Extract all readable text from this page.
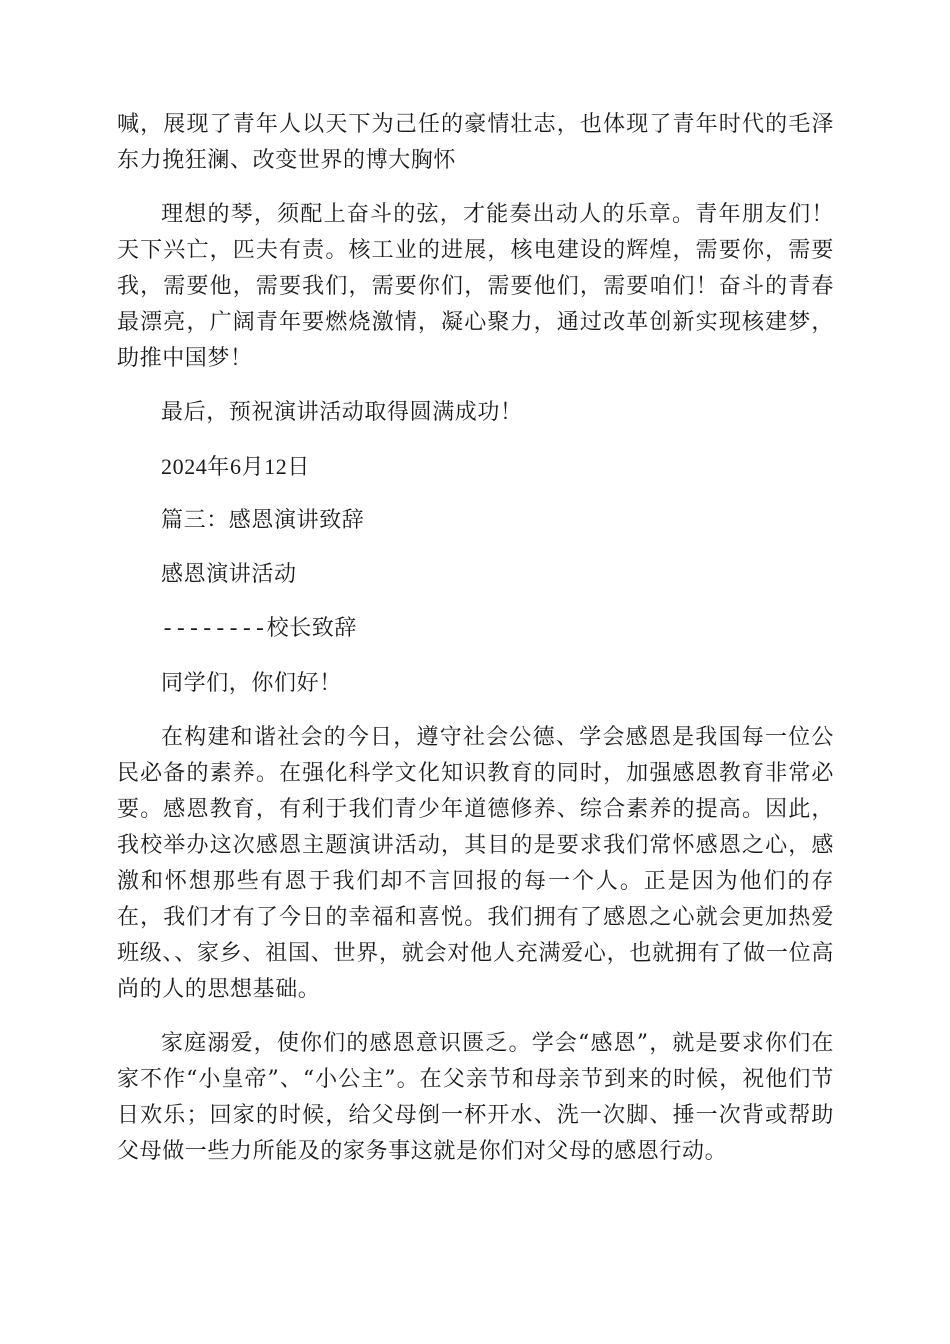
喊，展现了青年人以天下为己任的豪情壮志，也体现了青年时代的毛泽东力挽狂澜、改变世界的博大胸怀

理想的琴，须配上奋斗的弦，才能奏出动人的乐章。青年朋友们！天下兴亡，匹夫有责。核工业的进展，核电建设的辉煌，需要你，需要我，需要他，需要我们，需要你们，需要他们，需要咱们！奋斗的青春最漂亮，广阔青年要燃烧激情，凝心聚力，通过改革创新实现核建梦，助推中国梦！

最后，预祝演讲活动取得圆满成功！

2024年6月12日

篇三：感恩演讲致辞

感恩演讲活动

--------校长致辞

同学们，你们好！

在构建和谐社会的今日，遵守社会公德、学会感恩是我国每一位公民必备的素养。在强化科学文化知识教育的同时，加强感恩教育非常必要。感恩教育，有利于我们青少年道德修养、综合素养的提高。因此，我校举办这次感恩主题演讲活动，其目的是要求我们常怀感恩之心，感激和怀想那些有恩于我们却不言回报的每一个人。正是因为他们的存在，我们才有了今日的幸福和喜悦。我们拥有了感恩之心就会更加热爱班级、、家乡、祖国、世界，就会对他人充满爱心，也就拥有了做一位高尚的人的思想基础。

家庭溺爱，使你们的感恩意识匮乏。学会“感恩”，就是要求你们在家不作“小皇帝”、“小公主”。在父亲节和母亲节到来的时候，祝他们节日欢乐；回家的时候，给父母倒一杯开水、洗一次脚、捶一次背或帮助父母做一些力所能及的家务事这就是你们对父母的感恩行动。
